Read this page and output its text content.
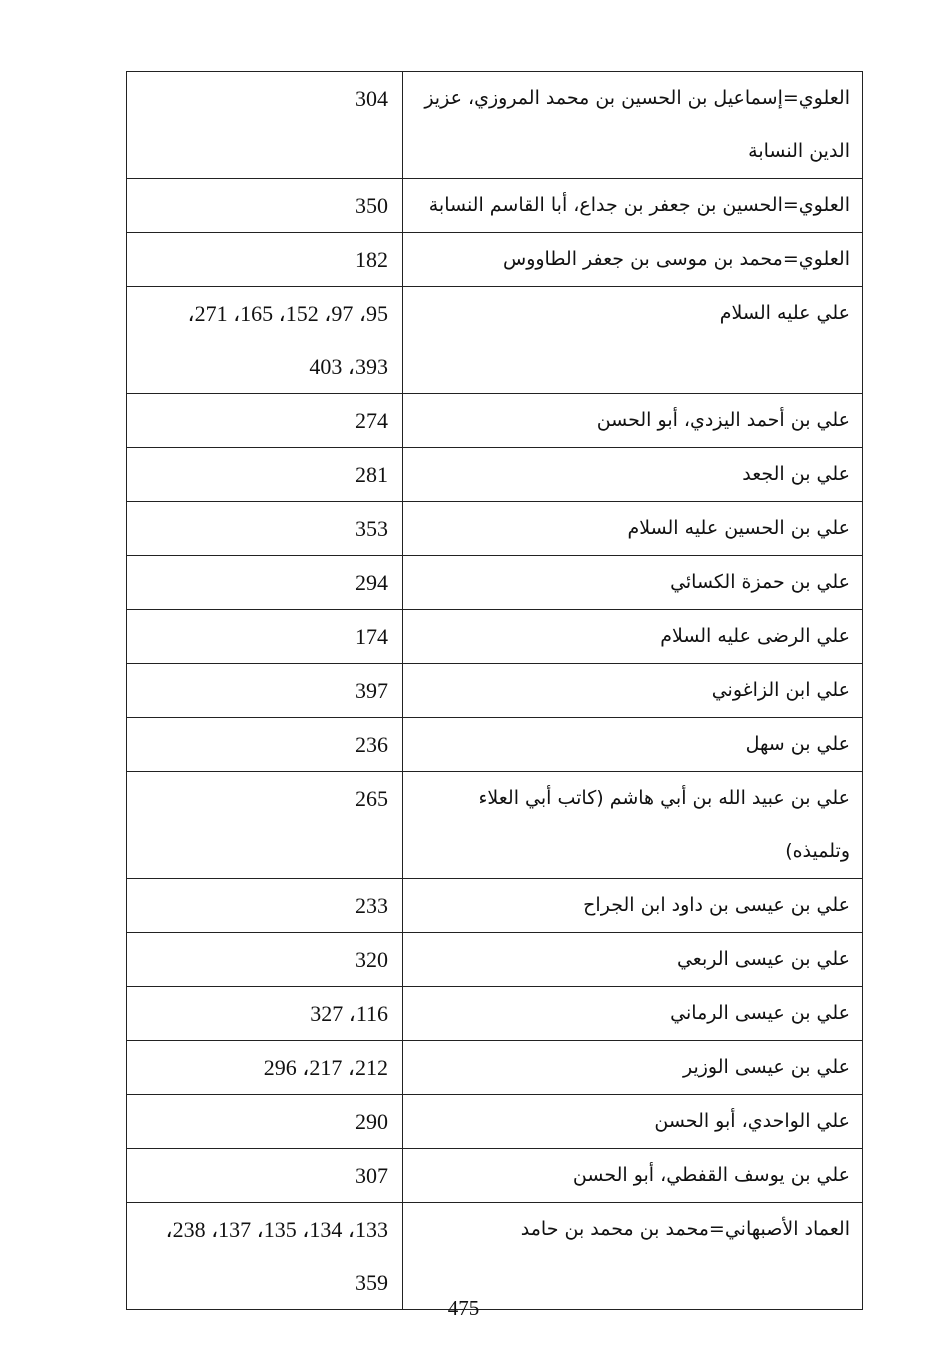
العلوي=إسماعيل بن الحسين بن محمد المروزي، عزيز الدين النسابة	304

العلوي=الحسين بن جعفر بن جداع، أبا القاسم النسابة	350

العلوي=محمد بن موسى بن جعفر الطاووس	182

علي عليه السلام	95، 97، 152، 165، 271، 393، 403

علي بن أحمد اليزدي، أبو الحسن	274

علي بن الجعد	281

علي بن الحسين عليه السلام	353

علي بن حمزة الكسائي	294

علي الرضى عليه السلام	174

علي ابن الزاغوني	397

علي بن سهل	236

علي بن عبيد الله بن أبي هاشم (كاتب أبي العلاء وتلميذه)	265

علي بن عيسى بن داود ابن الجراح	233

علي بن عيسى الربعي	320

علي بن عيسى الرماني	116، 327

علي بن عيسى الوزير	212، 217، 296

علي الواحدي، أبو الحسن	290

علي بن يوسف القفطي، أبو الحسن	307

العماد الأصبهاني=محمد بن محمد بن حامد	133، 134، 135، 137، 238، 359
475
